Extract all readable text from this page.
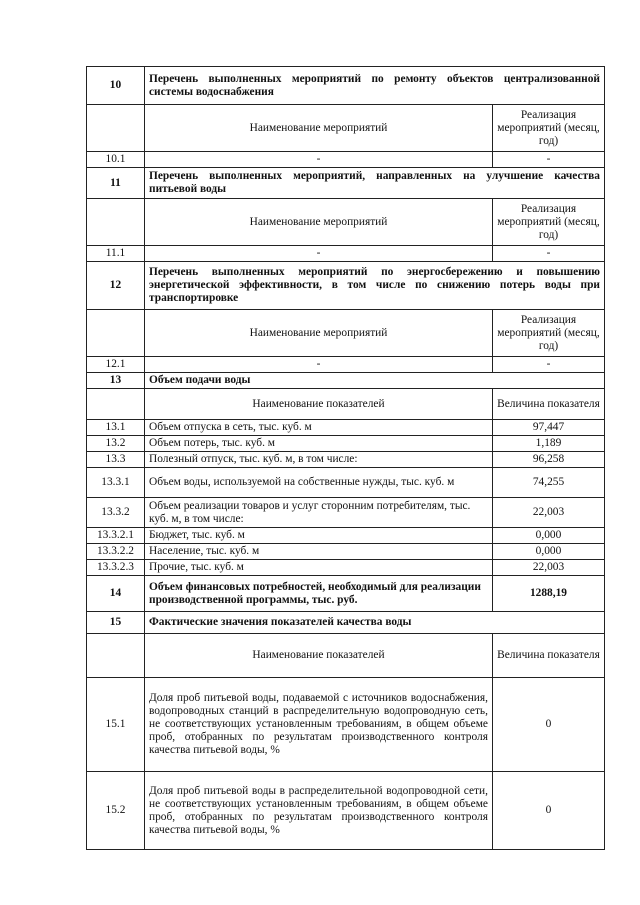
10	Перечень выполненных мероприятий по ремонту объектов централизованной системы водоснабжения	
	Наименование мероприятий	Реализация мероприятий (месяц, год)
10.1	-	-
11	Перечень выполненных мероприятий, направленных на улучшение качества питьевой воды	
	Наименование мероприятий	Реализация мероприятий (месяц, год)
11.1	-	-
12	Перечень выполненных мероприятий по энергосбережению и повышению энергетической эффективности, в том числе по снижению потерь воды при транспортировке	
	Наименование мероприятий	Реализация мероприятий (месяц, год)
12.1	-	-
13	Объем подачи воды	
	Наименование показателей	Величина показателя
13.1	Объем отпуска в сеть, тыс. куб. м	97,447
13.2	Объем потерь, тыс. куб. м	1,189
13.3	Полезный отпуск, тыс. куб. м, в том числе:	96,258
13.3.1	Объем воды, используемой на собственные нужды, тыс. куб. м	74,255
13.3.2	Объем реализации товаров и услуг сторонним потребителям, тыс. куб. м, в том числе:	22,003
13.3.2.1	Бюджет, тыс. куб. м	0,000
13.3.2.2	Население, тыс. куб. м	0,000
13.3.2.3	Прочие, тыс. куб. м	22,003
14	Объем финансовых потребностей, необходимый для реализации производственной программы, тыс. руб.	1288,19
15	Фактические значения показателей качества воды	
	Наименование показателей	Величина показателя
15.1	Доля проб питьевой воды, подаваемой с источников водоснабжения, водопроводных станций в распределительную водопроводную сеть, не соответствующих установленным требованиям, в общем объеме проб, отобранных по результатам производственного контроля качества питьевой воды, %	0
15.2	Доля проб питьевой воды в распределительной водопроводной сети, не соответствующих установленным требованиям, в общем объеме проб, отобранных по результатам производственного контроля качества питьевой воды, %	0
